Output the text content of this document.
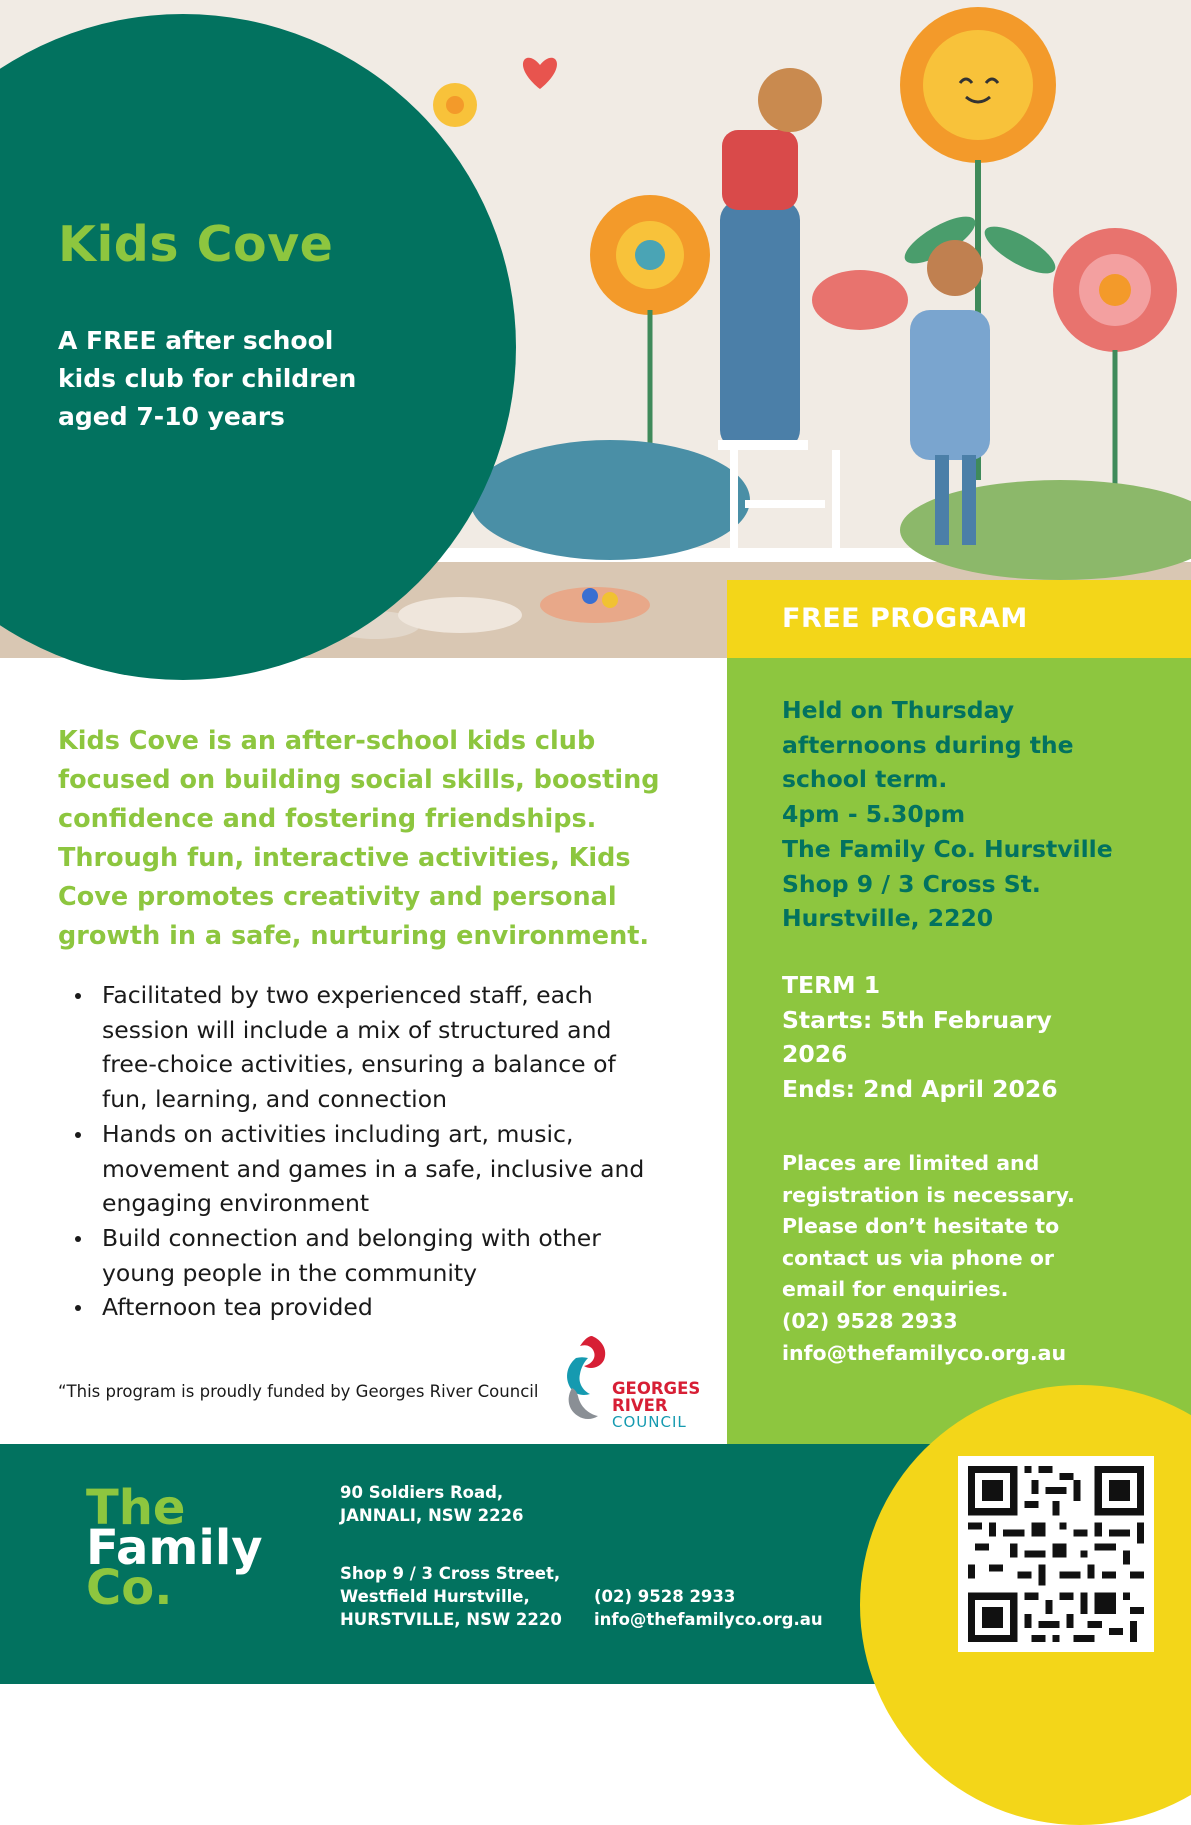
Kids Cove

A FREE after school
kids club for children
aged 7-10 years

FREE PROGRAM

Held on Thursday
afternoons during the
school term.
4pm - 5.30pm
The Family Co. Hurstville
Shop 9 / 3 Cross St.
Hurstville, 2220
TERM 1
Starts: 5th February
2026
Ends: 2nd April 2026
Places are limited and
registration is necessary.
Please don’t hesitate to
contact us via phone or
email for enquiries.
(02) 9528 2933
info@thefamilyco.org.au

Kids Cove is an after-school kids club focused on building social skills, boosting confidence and fostering friendships. Through fun, interactive activities, Kids Cove promotes creativity and personal growth in a safe, nurturing environment.

Facilitated by two experienced staff, each session will include a mix of structured and free-choice activities, ensuring a balance of fun, learning, and connection
Hands on activities including art, music, movement and games in a safe, inclusive and engaging environment
Build connection and belonging with other young people in the community
Afternoon tea provided

“This program is proudly funded by Georges River Council	GEORGES

RIVER

COUNCIL

The
Family
Co.

90 Soldiers Road,
JANNALI, NSW 2226
Shop 9 / 3 Cross Street,
Westfield Hurstville,
HURSTVILLE, NSW 2220
(02) 9528 2933
info@thefamilyco.org.au
